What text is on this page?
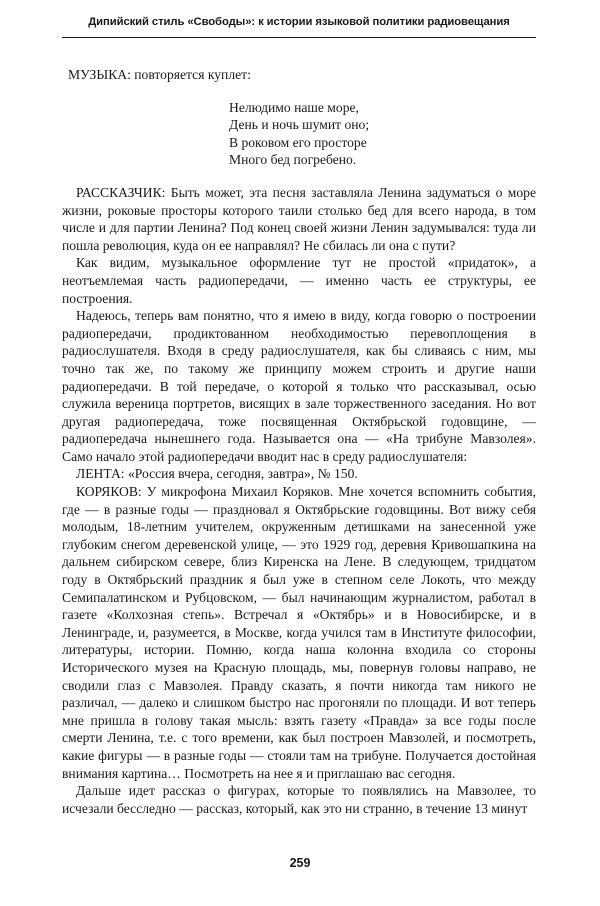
Дипийский стиль «Свободы»: к истории языковой политики радиовещания

МУЗЫКА: повторяется куплет:

Нелюдимо наше море,
День и ночь шумит оно;
В роковом его просторе
Много бед погребено.

РАССКАЗЧИК: Быть может, эта песня заставляла Ленина задуматься о море жизни, роковые просторы которого таили столько бед для всего народа, в том числе и для партии Ленина? Под конец своей жизни Ленин задумывался: туда ли пошла революция, куда он ее направлял? Не сбилась ли она с пути?

Как видим, музыкальное оформление тут не простой «придаток», а неотъемлемая часть радиопередачи, — именно часть ее структуры, ее построения.

Надеюсь, теперь вам понятно, что я имею в виду, когда говорю о построении радиопередачи, продиктованном необходимостью перевоплощения в радиослушателя. Входя в среду радиослушателя, как бы сливаясь с ним, мы точно так же, по такому же принципу можем строить и другие наши радиопередачи. В той передаче, о которой я только что рассказывал, осью служила вереница портретов, висящих в зале торжественного заседания. Но вот другая радиопередача, тоже посвященная Октябрьской годовщине, — радиопередача нынешнего года. Называется она — «На трибуне Мавзолея». Само начало этой радиопередачи вводит нас в среду радиослушателя:

ЛЕНТА: «Россия вчера, сегодня, завтра», № 150.

КОРЯКОВ: У микрофона Михаил Коряков. Мне хочется вспомнить события, где — в разные годы — праздновал я Октябрьские годовщины. Вот вижу себя молодым, 18-летним учителем, окруженным детишками на занесенной уже глубоким снегом деревенской улице, — это 1929 год, деревня Кривошапкина на дальнем сибирском севере, близ Киренска на Лене. В следующем, тридцатом году в Октябрьский праздник я был уже в степном селе Локоть, что между Семипалатинском и Рубцовском, — был начинающим журналистом, работал в газете «Колхозная степь». Встречал я «Октябрь» и в Новосибирске, и в Ленинграде, и, разумеется, в Москве, когда учился там в Институте философии, литературы, истории. Помню, когда наша колонна входила со стороны Исторического музея на Красную площадь, мы, повернув головы направо, не сводили глаз с Мавзолея. Правду сказать, я почти никогда там никого не различал, — далеко и слишком быстро нас прогоняли по площади. И вот теперь мне пришла в голову такая мысль: взять газету «Правда» за все годы после смерти Ленина, т.е. с того времени, как был построен Мавзолей, и посмотреть, какие фигуры — в разные годы — стояли там на трибуне. Получается достойная внимания картина… Посмотреть на нее я и приглашаю вас сегодня.

Дальше идет рассказ о фигурах, которые то появлялись на Мавзолее, то исчезали бесследно — рассказ, который, как это ни странно, в течение 13 минут

259
